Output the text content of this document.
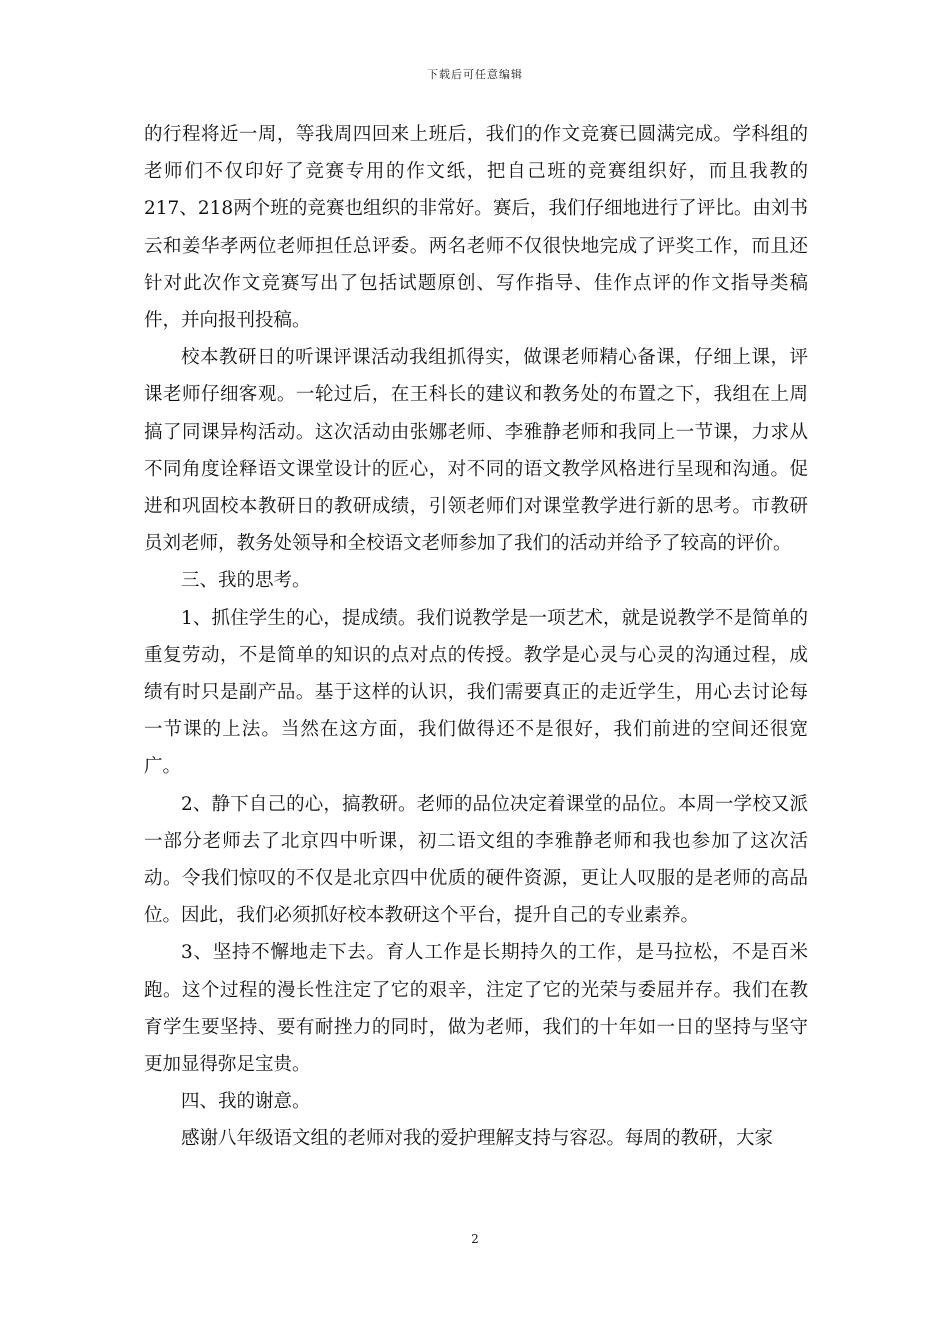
下载后可任意编辑

的行程将近一周，等我周四回来上班后，我们的作文竞赛已圆满完成。学科组的老师们不仅印好了竞赛专用的作文纸，把自己班的竞赛组织好，而且我教的217、218两个班的竞赛也组织的非常好。赛后，我们仔细地进行了评比。由刘书云和姜华孝两位老师担任总评委。两名老师不仅很快地完成了评奖工作，而且还针对此次作文竞赛写出了包括试题原创、写作指导、佳作点评的作文指导类稿件，并向报刊投稿。

校本教研日的听课评课活动我组抓得实，做课老师精心备课，仔细上课，评课老师仔细客观。一轮过后，在王科长的建议和教务处的布置之下，我组在上周搞了同课异构活动。这次活动由张娜老师、李雅静老师和我同上一节课，力求从不同角度诠释语文课堂设计的匠心，对不同的语文教学风格进行呈现和沟通。促进和巩固校本教研日的教研成绩，引领老师们对课堂教学进行新的思考。市教研员刘老师，教务处领导和全校语文老师参加了我们的活动并给予了较高的评价。

三、我的思考。

1、抓住学生的心，提成绩。我们说教学是一项艺术，就是说教学不是简单的重复劳动，不是简单的知识的点对点的传授。教学是心灵与心灵的沟通过程，成绩有时只是副产品。基于这样的认识，我们需要真正的走近学生，用心去讨论每一节课的上法。当然在这方面，我们做得还不是很好，我们前进的空间还很宽广。

2、静下自己的心，搞教研。老师的品位决定着课堂的品位。本周一学校又派一部分老师去了北京四中听课，初二语文组的李雅静老师和我也参加了这次活动。令我们惊叹的不仅是北京四中优质的硬件资源，更让人叹服的是老师的高品位。因此，我们必须抓好校本教研这个平台，提升自己的专业素养。

3、坚持不懈地走下去。育人工作是长期持久的工作，是马拉松，不是百米跑。这个过程的漫长性注定了它的艰辛，注定了它的光荣与委屈并存。我们在教育学生要坚持、要有耐挫力的同时，做为老师，我们的十年如一日的坚持与坚守更加显得弥足宝贵。

四、我的谢意。

感谢八年级语文组的老师对我的爱护理解支持与容忍。每周的教研，大家

2
